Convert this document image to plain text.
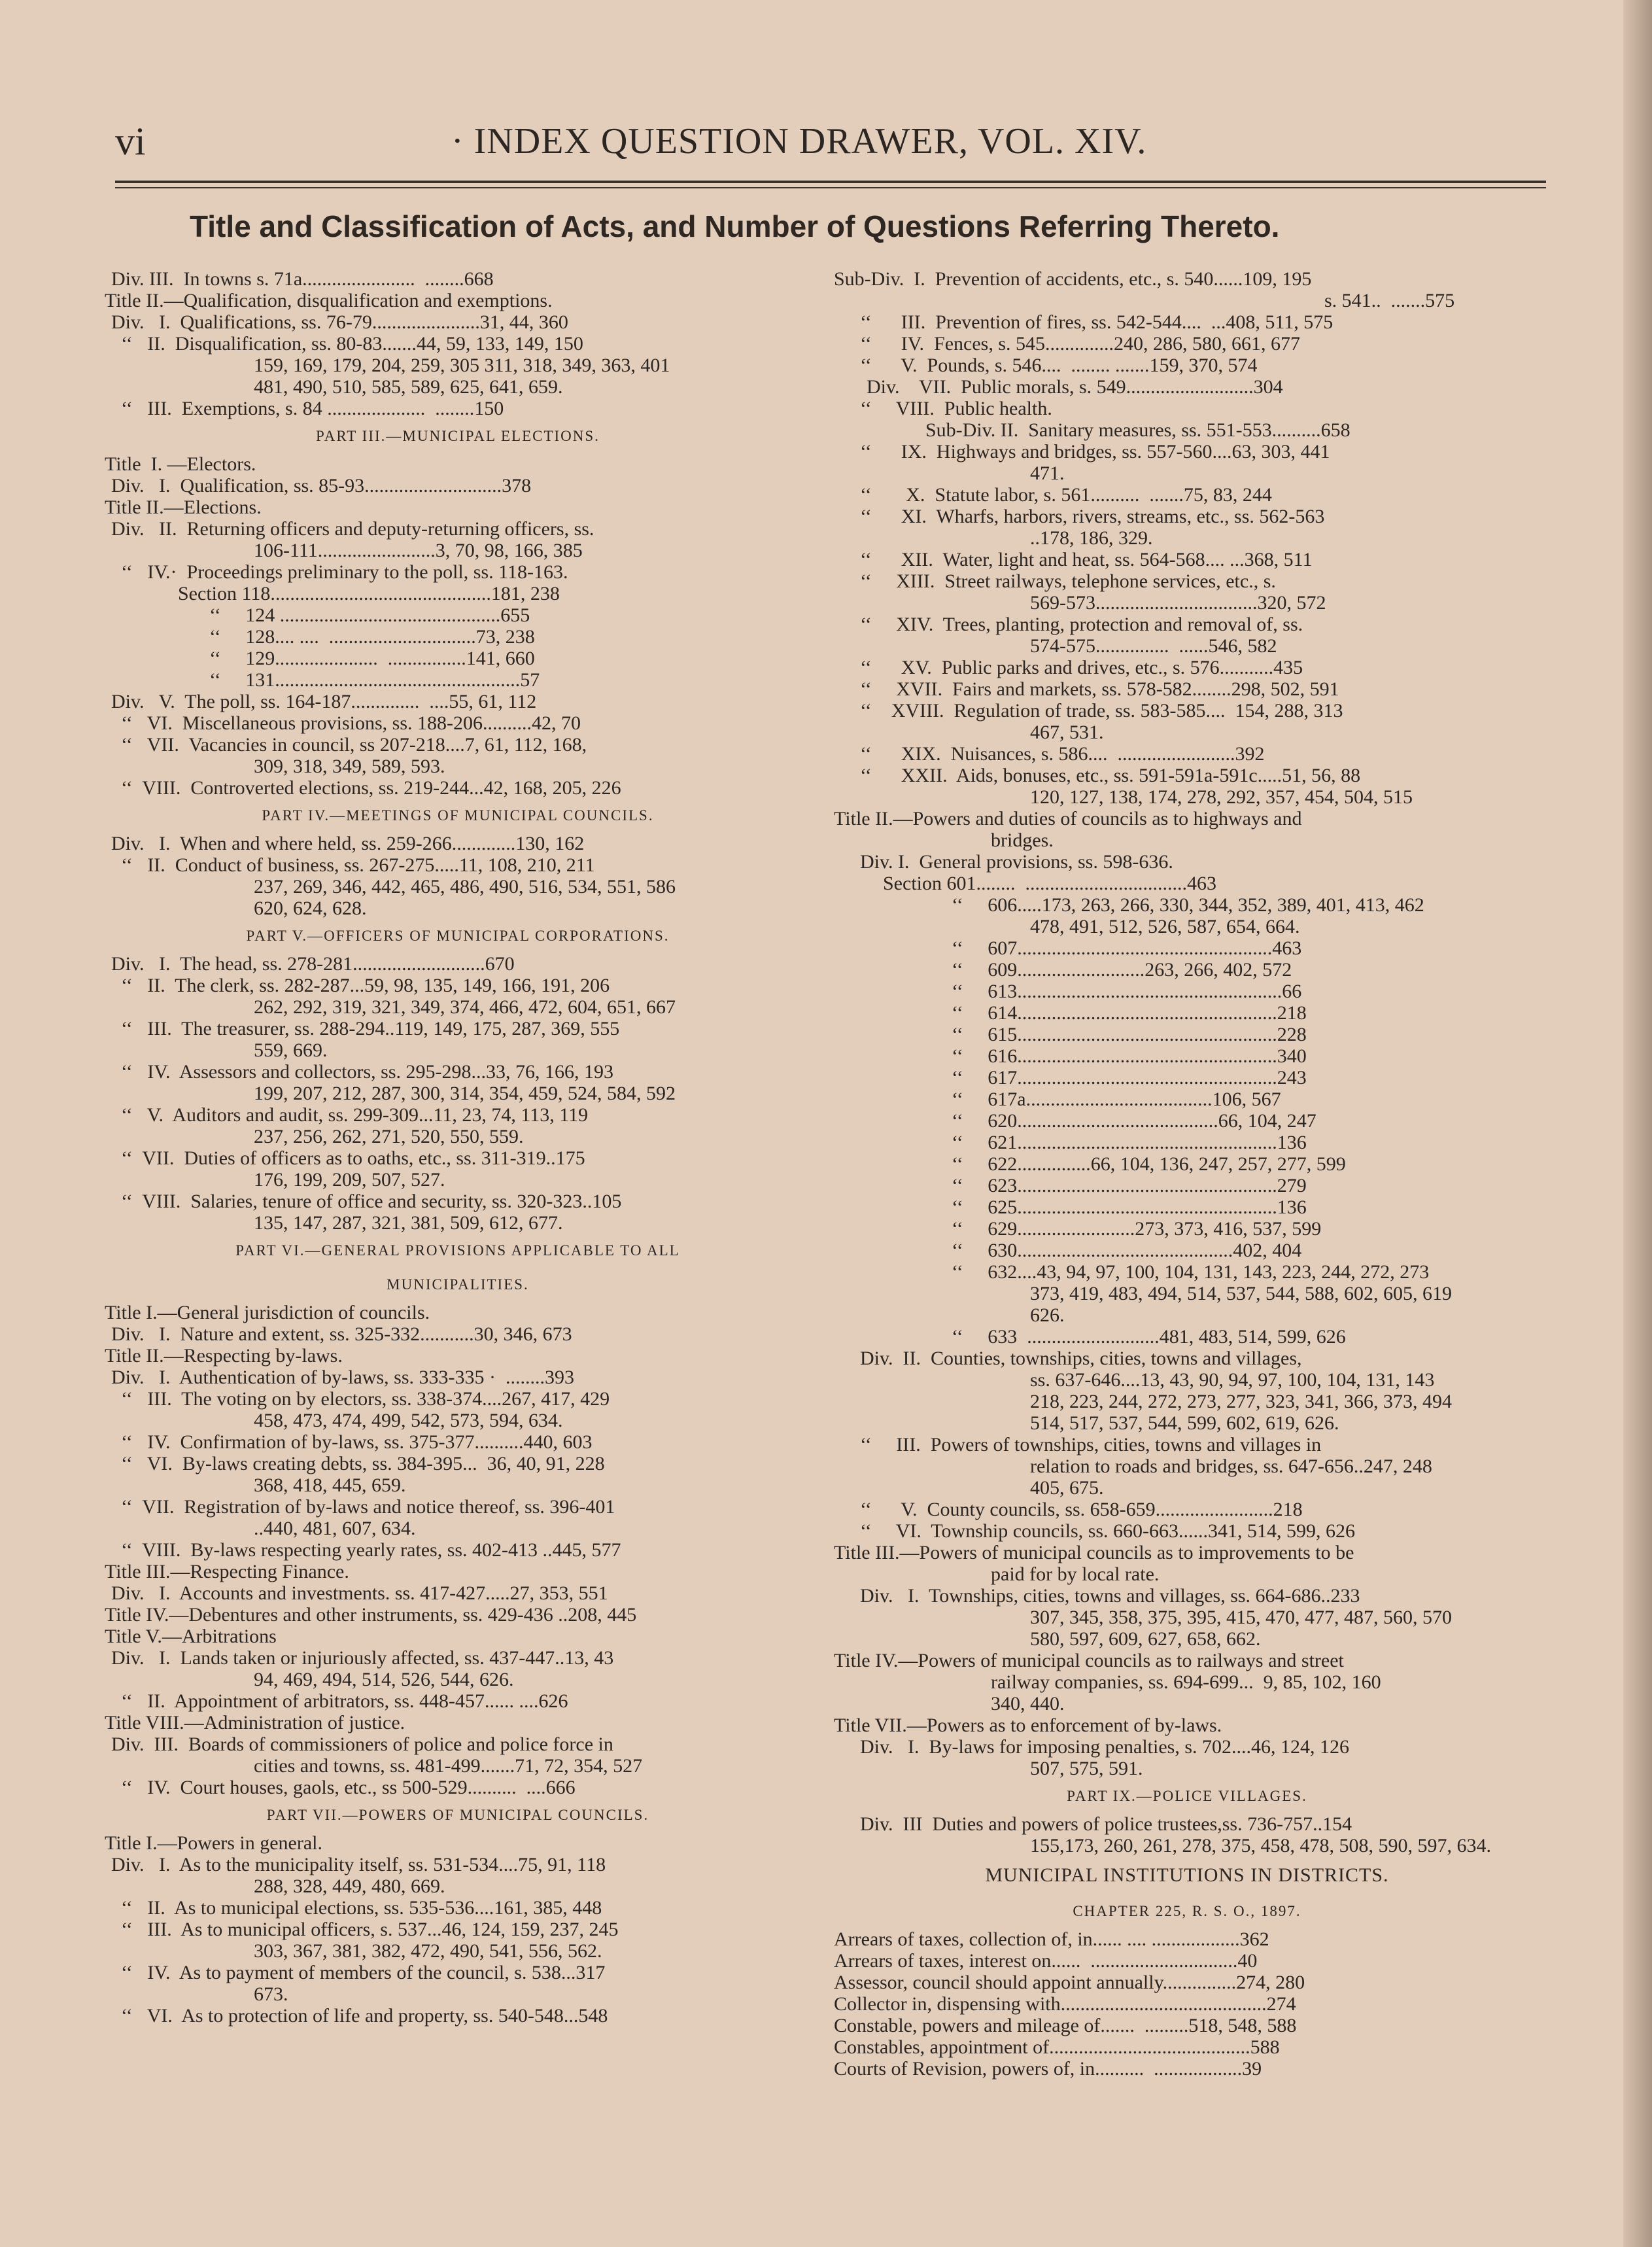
vi	· INDEX QUESTION DRAWER, VOL. XIV.
Title and Classification of Acts, and Number of Questions Referring Thereto.
Div. III.  In towns s. 71a.......................  ........668
Title II.—Qualification, disqualification and exemptions.
Div.   I.  Qualifications, ss. 76-79......................31, 44, 360
‘‘   II.  Disqualification, ss. 80-83.......44, 59, 133, 149, 150
159, 169, 179, 204, 259, 305 311, 318, 349, 363, 401
481, 490, 510, 585, 589, 625, 641, 659.
‘‘   III.  Exemptions, s. 84 ....................  ........150
PART III.—MUNICIPAL ELECTIONS.
Title  I. —Electors.
Div.   I.  Qualification, ss. 85-93............................378
Title II.—Elections.
Div.   II.  Returning officers and deputy-returning officers, ss.
106-111........................3, 70, 98, 166, 385
‘‘   IV.·  Proceedings preliminary to the poll, ss. 118-163.
Section 118.............................................181, 238
‘‘     124 .............................................655
‘‘     128.... ....  ..............................73, 238
‘‘     129.....................  ................141, 660
‘‘     131..................................................57
Div.   V.  The poll, ss. 164-187..............  ....55, 61, 112
‘‘   VI.  Miscellaneous provisions, ss. 188-206..........42, 70
‘‘   VII.  Vacancies in council, ss 207-218....7, 61, 112, 168,
309, 318, 349, 589, 593.
‘‘  VIII.  Controverted elections, ss. 219-244...42, 168, 205, 226
PART IV.—MEETINGS OF MUNICIPAL COUNCILS.
Div.   I.  When and where held, ss. 259-266.............130, 162
‘‘   II.  Conduct of business, ss. 267-275.....11, 108, 210, 211
237, 269, 346, 442, 465, 486, 490, 516, 534, 551, 586
620, 624, 628.
PART V.—OFFICERS OF MUNICIPAL CORPORATIONS.
Div.   I.  The head, ss. 278-281...........................670
‘‘   II.  The clerk, ss. 282-287...59, 98, 135, 149, 166, 191, 206
262, 292, 319, 321, 349, 374, 466, 472, 604, 651, 667
‘‘   III.  The treasurer, ss. 288-294..119, 149, 175, 287, 369, 555
559, 669.
‘‘   IV.  Assessors and collectors, ss. 295-298...33, 76, 166, 193
199, 207, 212, 287, 300, 314, 354, 459, 524, 584, 592
‘‘   V.  Auditors and audit, ss. 299-309...11, 23, 74, 113, 119
237, 256, 262, 271, 520, 550, 559.
‘‘  VII.  Duties of officers as to oaths, etc., ss. 311-319..175
176, 199, 209, 507, 527.
‘‘  VIII.  Salaries, tenure of office and security, ss. 320-323..105
135, 147, 287, 321, 381, 509, 612, 677.
PART VI.—GENERAL PROVISIONS APPLICABLE TO ALL
MUNICIPALITIES.
Title I.—General jurisdiction of councils.
Div.   I.  Nature and extent, ss. 325-332...........30, 346, 673
Title II.—Respecting by-laws.
Div.   I.  Authentication of by-laws, ss. 333-335 ·  ........393
‘‘   III.  The voting on by electors, ss. 338-374....267, 417, 429
458, 473, 474, 499, 542, 573, 594, 634.
‘‘   IV.  Confirmation of by-laws, ss. 375-377..........440, 603
‘‘   VI.  By-laws creating debts, ss. 384-395...  36, 40, 91, 228
368, 418, 445, 659.
‘‘  VII.  Registration of by-laws and notice thereof, ss. 396-401
..440, 481, 607, 634.
‘‘  VIII.  By-laws respecting yearly rates, ss. 402-413 ..445, 577
Title III.—Respecting Finance.
Div.   I.  Accounts and investments. ss. 417-427.....27, 353, 551
Title IV.—Debentures and other instruments, ss. 429-436 ..208, 445
Title V.—Arbitrations
Div.   I.  Lands taken or injuriously affected, ss. 437-447..13, 43
94, 469, 494, 514, 526, 544, 626.
‘‘   II.  Appointment of arbitrators, ss. 448-457...... ....626
Title VIII.—Administration of justice.
Div.  III.  Boards of commissioners of police and police force in
cities and towns, ss. 481-499.......71, 72, 354, 527
‘‘   IV.  Court houses, gaols, etc., ss 500-529..........  ....666
PART VII.—POWERS OF MUNICIPAL COUNCILS.
Title I.—Powers in general.
Div.   I.  As to the municipality itself, ss. 531-534....75, 91, 118
288, 328, 449, 480, 669.
‘‘   II.  As to municipal elections, ss. 535-536....161, 385, 448
‘‘   III.  As to municipal officers, s. 537...46, 124, 159, 237, 245
303, 367, 381, 382, 472, 490, 541, 556, 562.
‘‘   IV.  As to payment of members of the council, s. 538...317
673.
‘‘   VI.  As to protection of life and property, ss. 540-548...548
Sub-Div.  I.  Prevention of accidents, etc., s. 540......109, 195
s. 541..  .......575
‘‘      III.  Prevention of fires, ss. 542-544....  ...408, 511, 575
‘‘      IV.  Fences, s. 545..............240, 286, 580, 661, 677
‘‘      V.  Pounds, s. 546....  ........ .......159, 370, 574
Div.    VII.  Public morals, s. 549..........................304
‘‘     VIII.  Public health.
Sub-Div. II.  Sanitary measures, ss. 551-553..........658
‘‘      IX.  Highways and bridges, ss. 557-560....63, 303, 441
471.
‘‘       X.  Statute labor, s. 561..........  .......75, 83, 244
‘‘      XI.  Wharfs, harbors, rivers, streams, etc., ss. 562-563
..178, 186, 329.
‘‘      XII.  Water, light and heat, ss. 564-568.... ...368, 511
‘‘     XIII.  Street railways, telephone services, etc., s.
569-573.................................320, 572
‘‘     XIV.  Trees, planting, protection and removal of, ss.
574-575...............  ......546, 582
‘‘      XV.  Public parks and drives, etc., s. 576...........435
‘‘     XVII.  Fairs and markets, ss. 578-582........298, 502, 591
‘‘    XVIII.  Regulation of trade, ss. 583-585....  154, 288, 313
467, 531.
‘‘      XIX.  Nuisances, s. 586....  ........................392
‘‘      XXII.  Aids, bonuses, etc., ss. 591-591a-591c.....51, 56, 88
120, 127, 138, 174, 278, 292, 357, 454, 504, 515
Title II.—Powers and duties of councils as to highways and
bridges.
Div. I.  General provisions, ss. 598-636.
Section 601........  .................................463
‘‘     606.....173, 263, 266, 330, 344, 352, 389, 401, 413, 462
478, 491, 512, 526, 587, 654, 664.
‘‘     607....................................................463
‘‘     609..........................263, 266, 402, 572
‘‘     613......................................................66
‘‘     614.....................................................218
‘‘     615.....................................................228
‘‘     616.....................................................340
‘‘     617.....................................................243
‘‘     617a......................................106, 567
‘‘     620.........................................66, 104, 247
‘‘     621.....................................................136
‘‘     622...............66, 104, 136, 247, 257, 277, 599
‘‘     623.....................................................279
‘‘     625.....................................................136
‘‘     629........................273, 373, 416, 537, 599
‘‘     630............................................402, 404
‘‘     632....43, 94, 97, 100, 104, 131, 143, 223, 244, 272, 273
373, 419, 483, 494, 514, 537, 544, 588, 602, 605, 619
626.
‘‘     633  ...........................481, 483, 514, 599, 626
Div.  II.  Counties, townships, cities, towns and villages,
ss. 637-646....13, 43, 90, 94, 97, 100, 104, 131, 143
218, 223, 244, 272, 273, 277, 323, 341, 366, 373, 494
514, 517, 537, 544, 599, 602, 619, 626.
‘‘     III.  Powers of townships, cities, towns and villages in
relation to roads and bridges, ss. 647-656..247, 248
405, 675.
‘‘      V.  County councils, ss. 658-659........................218
‘‘     VI.  Township councils, ss. 660-663......341, 514, 599, 626
Title III.—Powers of municipal councils as to improvements to be
paid for by local rate.
Div.   I.  Townships, cities, towns and villages, ss. 664-686..233
307, 345, 358, 375, 395, 415, 470, 477, 487, 560, 570
580, 597, 609, 627, 658, 662.
Title IV.—Powers of municipal councils as to railways and street
railway companies, ss. 694-699...  9, 85, 102, 160
340, 440.
Title VII.—Powers as to enforcement of by-laws.
Div.   I.  By-laws for imposing penalties, s. 702....46, 124, 126
507, 575, 591.
PART IX.—POLICE VILLAGES.
Div.  III  Duties and powers of police trustees,ss. 736-757..154
155,173, 260, 261, 278, 375, 458, 478, 508, 590, 597, 634.
MUNICIPAL INSTITUTIONS IN DISTRICTS.
CHAPTER 225, R. S. O., 1897.
Arrears of taxes, collection of, in...... .... ..................362
Arrears of taxes, interest on......  ..............................40
Assessor, council should appoint annually...............274, 280
Collector in, dispensing with..........................................274
Constable, powers and mileage of.......  .........518, 548, 588
Constables, appointment of.........................................588
Courts of Revision, powers of, in..........  ..................39
